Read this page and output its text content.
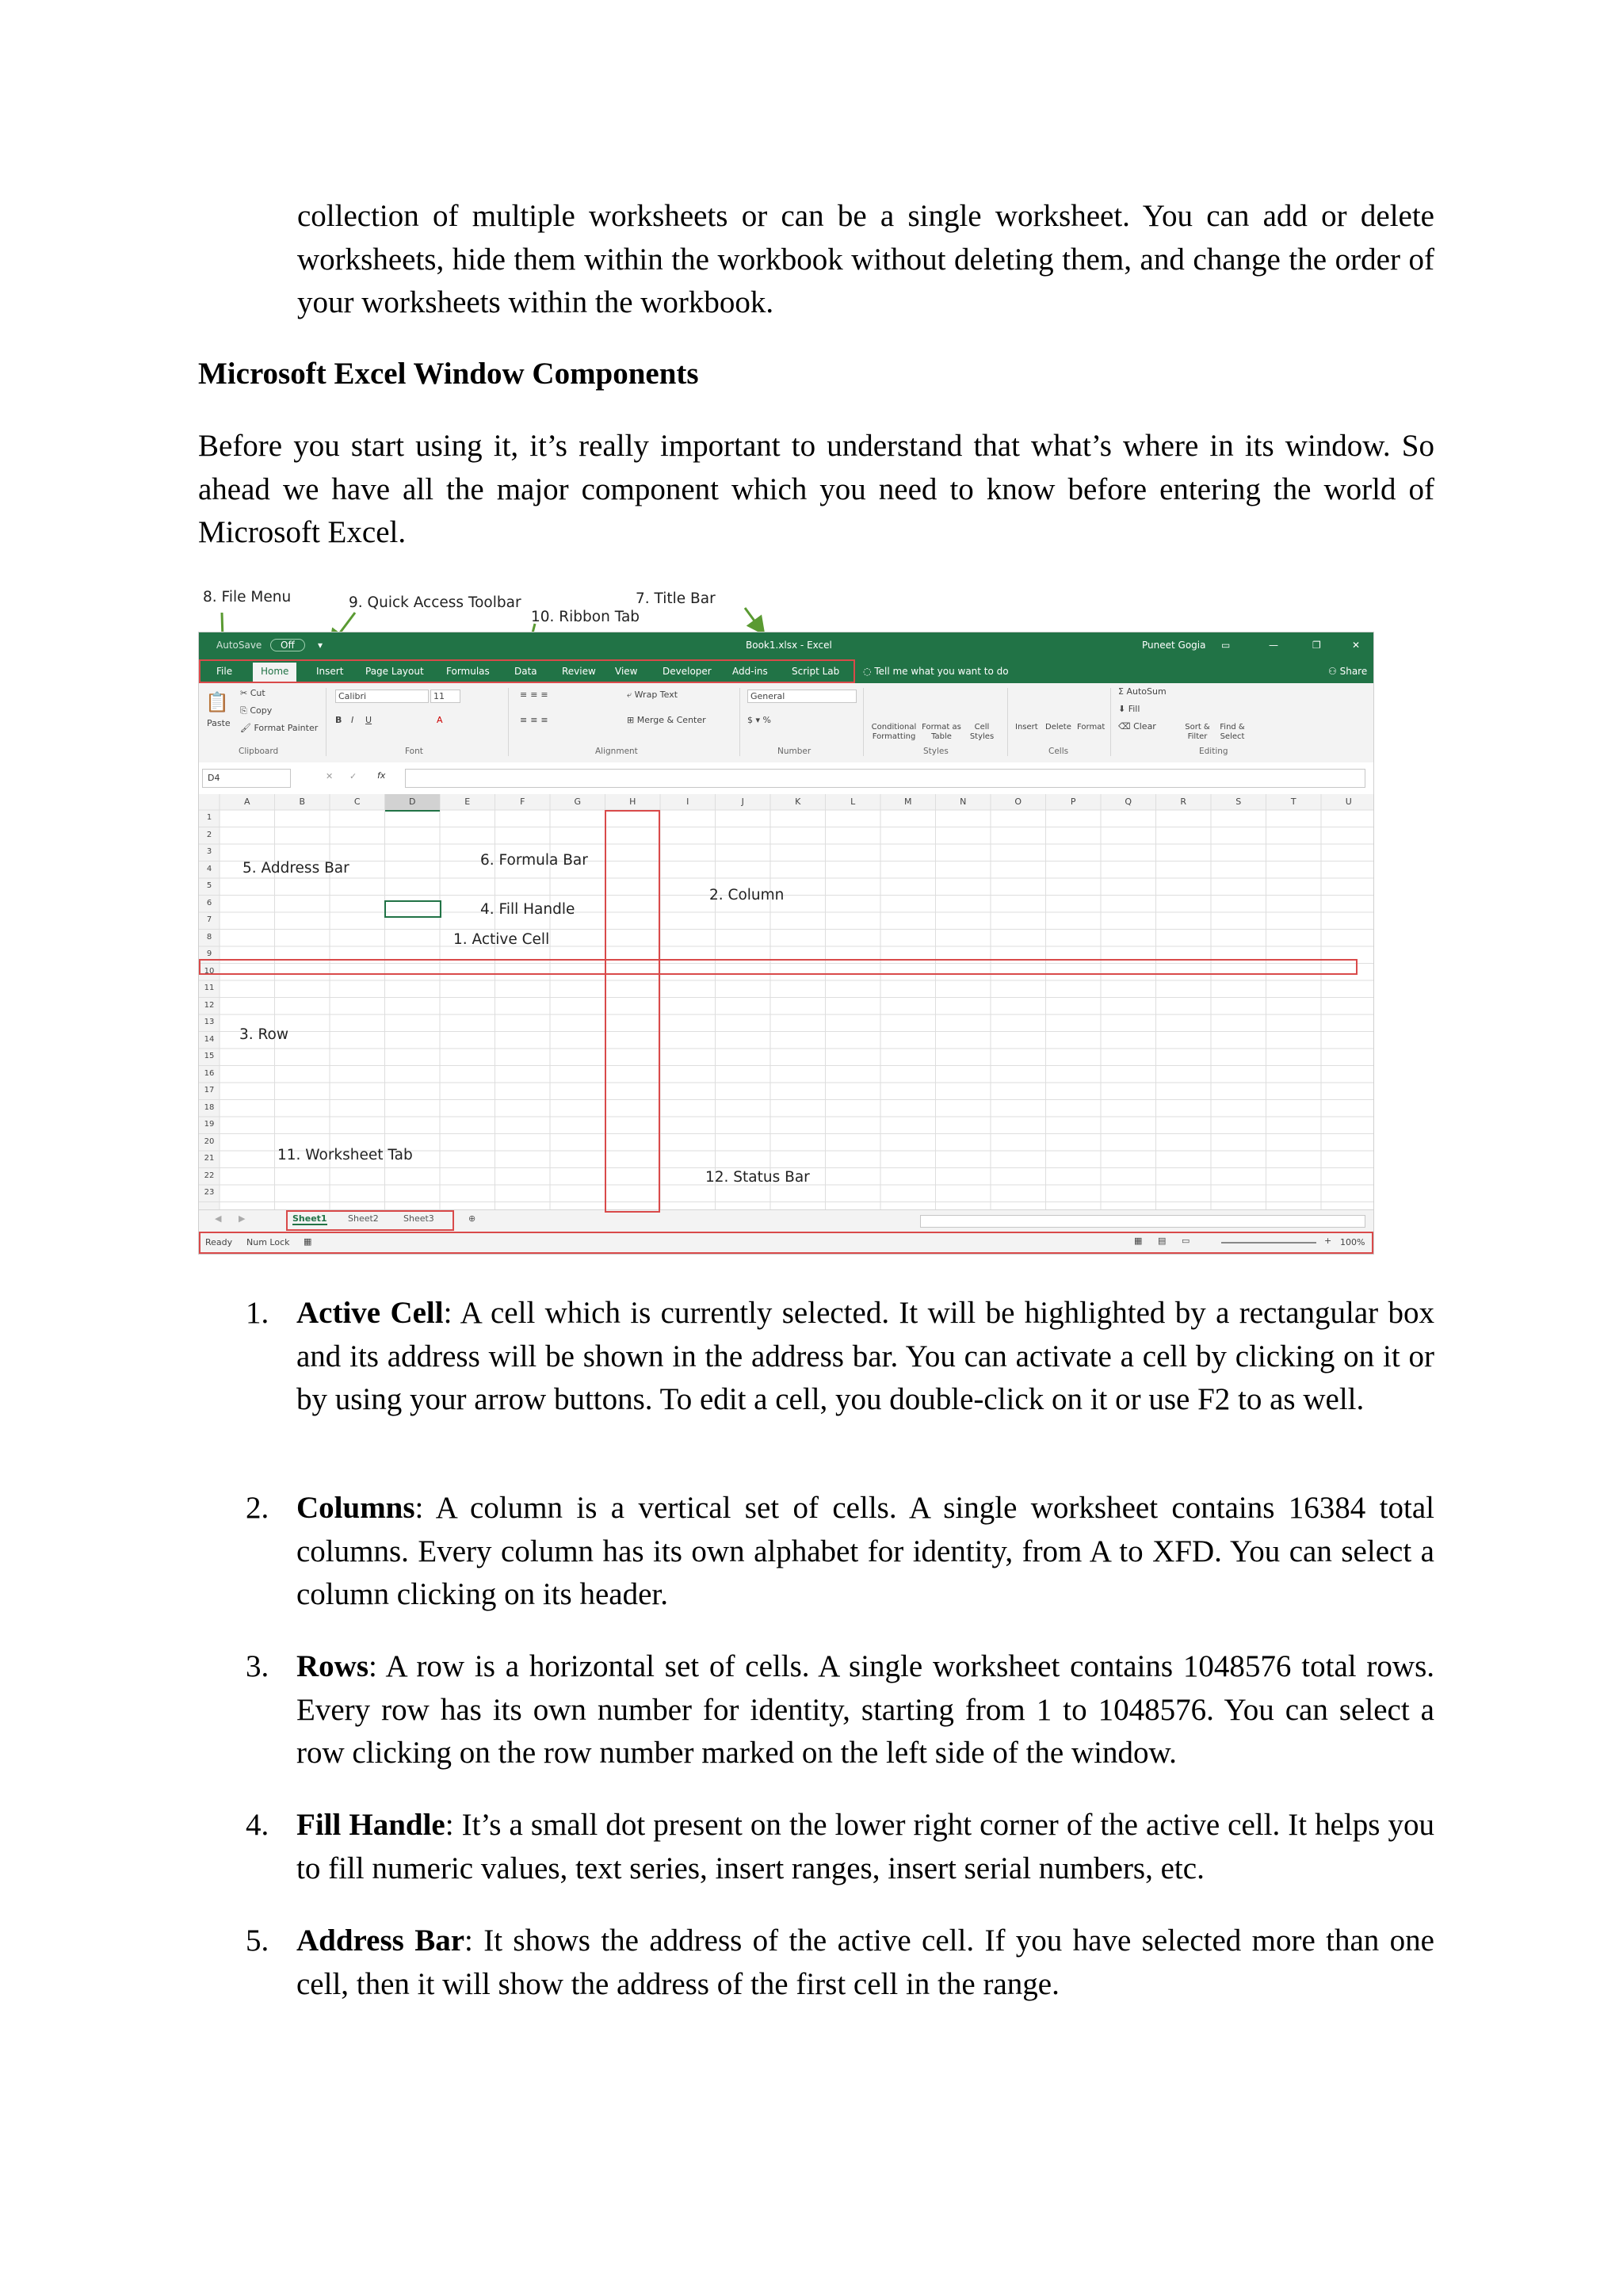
collection of multiple worksheets or can be a single worksheet. You can add or delete worksheets, hide them within the workbook without deleting them, and change the order of your worksheets within the workbook.

Microsoft Excel Window Components

Before you start using it, it’s really important to understand that what’s where in its window. So ahead we have all the major component which you need to know before entering the world of Microsoft Excel.

8. File Menu	9. Quick Access Toolbar
10. Ribbon Tab
7. Title Bar
AutoSave	Off	▾	Book1.xlsx - Excel	Puneet Gogia ▭	—	❐	✕
File	Home	Insert Page Layout Formulas	Data	Review View	Developer Add-ins	Script Lab ◌ Tell me what you want to do	⚇ Share
📋
Paste
✂ Cut
⎘ Copy
🖌 Format Painter
Clipboard
Calibri	11
B I U	A
Font
⤶ Wrap Text
⊞ Merge & Center
≡≡≡
≡≡≡
Alignment
General
$ ▾ %
Number
Conditional Formatting
Format as Table
Cell Styles
Styles
Insert Delete Format
Cells
Σ AutoSum
⬇ Fill
⌫ Clear	Sort & Filter
Find & Select
Editing
D4	✕ ✓ fx
A	B	C	D	E	F	G	H	I	J	K	L	M	N	O	P	Q	R	S	T	U
1
2
3
4
5
6
7
8
9
10
11
12
13
14
15
16
17
18
19
20
21
22
23
◀ ▶	Sheet1 Sheet2	Sheet3	⊕
Ready Num Lock ▦	▦ ▤ ▭	+ 100%
5. Address Bar	6. Formula Bar
4. Fill Handle
1. Active Cell
2. Column
3. Row
11. Worksheet Tab
12. Status Bar
1. Active Cell: A cell which is currently selected. It will be highlighted by a rectangular box and its address will be shown in the address bar. You can activate a cell by clicking on it or by using your arrow buttons. To edit a cell, you double-click on it or use F2 to as well.
2. Columns: A column is a vertical set of cells. A single worksheet contains 16384 total columns. Every column has its own alphabet for identity, from A to XFD. You can select a column clicking on its header.
3. Rows: A row is a horizontal set of cells. A single worksheet contains 1048576 total rows. Every row has its own number for identity, starting from 1 to 1048576. You can select a row clicking on the row number marked on the left side of the window.
4. Fill Handle: It’s a small dot present on the lower right corner of the active cell. It helps you to fill numeric values, text series, insert ranges, insert serial numbers, etc.
5. Address Bar: It shows the address of the active cell. If you have selected more than one cell, then it will show the address of the first cell in the range.
